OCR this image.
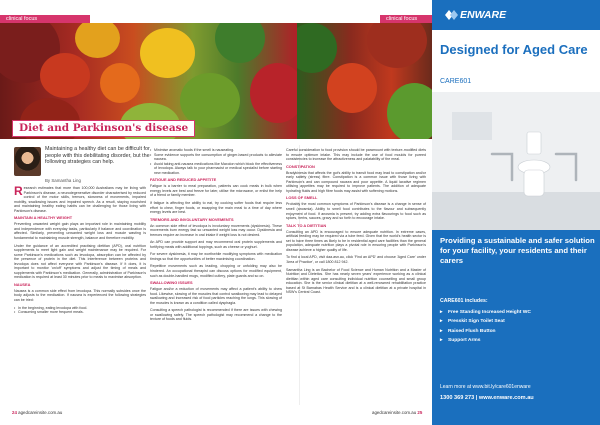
clinical focus	clinical focus
Diet and Parkinson's disease
Maintaining a healthy diet can be difficult for people with this debilitating disorder, but the following strategies can help.
By Samantha Ling

Research estimates that more than 100,000 Australians may be living with Parkinson's disease, a neurodegenerative disorder characterised by reduced control of the motor skills, tremors, slowness of movements, impaired mobility, swallowing issues and impaired speech. As a result, staying nourished and maintaining healthy eating habits can be challenging for those living with Parkinson's disease.

MAINTAIN A HEALTHY WEIGHT

Preventing unwanted weight gain plays an important role in maintaining mobility and independence with everyday tasks, particularly if balance and coordination is affected. Similarly, preventing unwanted weight loss and muscle wasting is fundamental to maintaining muscle strength, balance and therefore mobility.

Under the guidance of an accredited practising dietitian (APD), oral nutrition supplements to meet light gain and weight maintenance may be required. For some Parkinson's medications such as levodopa, absorption can be affected by the presence of protein in the diet. This interference between proteins and levodopa does not affect everyone with Parkinson's disease. If it does, it is important to monitor 'on/off' symptoms and adjust the timing of meals and supplements with Parkinson's medication. Generally, administration of Parkinson's medication is required at least 30 minutes prior to meals to maximise absorption.

NAUSEA

Nausea is a common side effect from levodopa. This normally subsides once the body adjusts to the medication. If nausea is experienced the following strategies can be tried:

• In the beginning, eating levodopa with food.
• Consuming smaller more frequent meals.
• Minimise aromatic foods if the smell is nauseating.
• Some evidence supports the consumption of ginger-based products to alleviate nausea.
• Avoid taking anti-nausea medications like Maxolon which block the effectiveness of levodopa. Always talk to your pharmacist or medical specialist before starting new medication.
FATIGUE AND REDUCED APPETITE

Fatigue is a barrier to meal preparation, patients can cook meals in bulk when energy levels are best and freeze for later, utilise the microwave, or enlist the help of a friend or family member.

If fatigue is affecting the ability to eat, try cooking softer foods that require less effort to chew, finger foods, or swapping the main meal to a time of day where energy levels are best.

TREMORS AND INVOLUNTARY MOVEMENTS

An common side effect of levodopa is involuntary movements (dyskinesia). These movements burn energy fast so unwanted weight loss may occur. Dyskinesia and tremors require an increase in oral intake if weight loss is not desired.

An APD can provide support and may recommend oral protein supplements and fortifying meals with additional toppings, such as cheese or yoghurt.

For severe dyskinesia, it may be worthwhile modifying symptoms with medication timings so that the opportunities of better maximising coordination.

Repetitive movements such as leading, chopping or unfolding may also be hindered. An occupational therapist can discuss options for modified equipment, such as double-handled mugs, modified cutlery, plate guards and so on.

SWALLOWING ISSUES

Fatigue and/or a reduction of movements may affect a patient's ability to chew food. Likewise, slowing of the muscles that control swallowing may lead to delayed swallowing and increased risk of food particles reaching the lungs. This slowing of the muscles is known as a condition called dysphagia.

Consulting a speech pathologist is recommended if there are issues with chewing or swallowing safely. The speech pathologist may recommend a change to the texture of foods and fluids.

Careful consideration to food provision should be paramount with texture-modified diets to ensure optimum intake. This may include the use of food moulds for pureed consistencies to increase the attractiveness and palatability of the meal.

CONSTIPATION

Bradykinesia that affects the gut's ability to transit food may lead to constipation and/or early satiety (stress) fibre. Constipation is a common issue with those living with Parkinson's and can compound nausea and poor appetite. A liquid laxative regimen utilising appetites may be required to improve patients. The addition of adequate hydrating fluids and high fibre foods may assist with softening motions.

LOSS OF SMELL

Probably the most common symptoms of Parkinson's disease is a change in sense of smell (anosmia). Ability to smell food contributes to the flavour and subsequently enjoyment of food. If anosmia is present, try adding extra flavourings to food such as spices, herbs, sauces, gravy and so forth to encourage intake.

TALK TO A DIETITIAN

Consulting an APD is encouraged to ensure adequate nutrition. In extreme cases, artificial feeding may be required via a tube feed. Given that the world's health sector is set to have three times as likely to be in residential aged care facilities than the general population, adequate nutrition plays a pivotal role in ensuring people with Parkinson's disease achieve a higher quality of life.

To find a local APD, visit daa.asn.au, click 'Find an APD' and choose 'Aged Care' under 'Area of Practice', or call 1800 812 942.

Samantha Ling is an Bachelor of Food Science and Human Nutrition and a Master of Nutrition and Dietetics. She has nearly seven years' experience working as a clinical dietitian within aged care consulting individual nutrition counselling and small group education. She is the senior clinical dietitian at a well-renowned rehabilitation practice based at St Barnabas Health Service and is a clinical dietitian at a private hospital in NSW's Central Coast.

24 agedcareinsite.com.au	agedcareinsite.com.au 25
ENWARE
Designed for Aged Care
CARE601
Providing a sustainable and safer solution for your facility, your residents and their carers
CARE601 includes:
▸ Free Standing Increased Height WC
▸ Presskit Sign Toilet Seat
▸ Raised Flush Button
▸ Support Arms
Learn more at www.bit.ly/care601enware
1300 369 273 | www.enware.com.au
